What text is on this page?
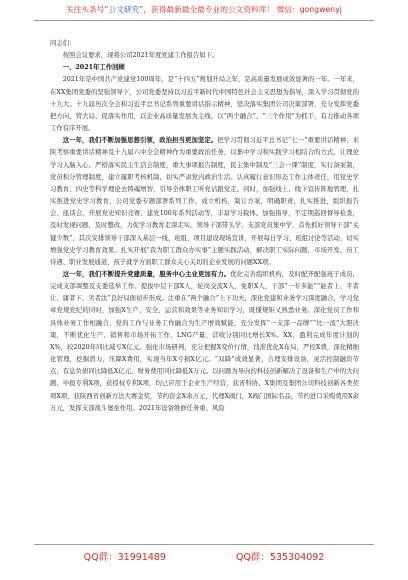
关注头条号“公文研究”，获得最新最全最专业的公文资料库！ 微信：gongwenyj

同志们：

按照会议要求，现将公司2021年度党建工作报告如下。

一、2021年工作回顾

2021年是中国共产党建党100周年，是“十四五”规划开局之年，是高质量发展成效显著的一年。一年来，在XX集团党委的坚强领导下，公司党委坚持以习近平新时代中国特色社会主义思想为指导，深入学习贯彻党的十九大、十九届历次全会和习近平总书记系列重要讲话指示精神，坚决落实集团公司决策部署，充分发挥党委把方向、管大局、促落实作用，以企业高质量发展为主线，以“两个融合”、“三个作用”为抓手，有力推动各项工作有序开展。

这一年，我们不断加强思想引领，政治担当更加坚定。把学习贯彻习近平总书记“七一”重要讲话精神、来陕考察重要讲话精神及十九届六中全会精神作为重要政治任务，以集中学习和实践学习相结合的方式，让理论学习入脑入心。严格落实民主生活会制度，重大事项报告制度，民主集中制及“三会一课”制度，实行备案制，党员积分管理制度，建立履职考核机制，切实严肃党内政治生活。认真履行意识形态工作主体责任，用党史学习教育、四史等科学理论去铸魂增智，引导全体职工听党话跟党走。同时，加强线上、线下宣传阵地管理，扎实推进党史学习教育，公司党委专题部署系列工作，成立机构，制订方案，明确职责，扎实推进，组织报告会、座谈会，开展党史知识竞赛、建党100年系列活动等，丰富学习载体。加强指导，不定期巡回督导检查，及时发现问题，及时整改，力促学习教育走深走实。领导干部带头学、支部党员集中学，首先抓好领导干部“关键少数”，其次安排领导干部深入基层一线、班组、项目建设现场宣讲，开展每日学习、班组讨论等活动，切实增强党史学习教育效果。扎实开展“我为职工群众办实事”主题实践活动，解决职工实际问题，市场开发、员工待遇、职业发展通道、孩子就学方面职工群众关心关切的企业发展的问题XX项。

这一年，我们不断提升党建质量，服务中心主业更加有力。优化完善组织机构，及时配齐配强班子成员，完成支部调整及支委选举工作。提拔中层干部X人，轮岗交流X人，免职X人，干部“一专多能”“能者上、平者让、庸者下、劣者汰”良好局面初步形成。注重在“两个融合”上下功夫，深化党建和业务学习深度融合，学习党章党规党纪的同时，加强X生产、安全、运营和效果等业务知识学习，既懂规矩又熟悉业务。深化党员工作和具体业务工作相融合，党的工作与业务工作融合为生产增效赋能，充分发挥“一支部一品牌”“比一流”大胆决策，不断优化生产、销售和市场开拓工作，LNG产量、营收分别同比增长X%。XX，盈利完成年度计划的X%，较2020年同比减亏X亿元。强化市场研判，充分把握X变价行情，找准优化X布局，严控X费，深化精细化管理，挖掘潜力，压降X费用，实现当年X亏损X亿元。“双降”成效显著，合理安排设备，灵活控制融资节点，有息负债同比降低X亿元，财务费用同比降低X万元。以问题为导向的科技创新解决了设备和生产中的大问题，申报专利X项，获授权专利X项，均已应用于企业生产经营，获省科协、X集团及集团公司科技创新各类奖项X项，获陕西省创新方法大赛金奖，节约资金X余万元，代理X阀门，X阀门国际名品，节约进口采购费用X余万元，发挥支部战斗堡垒作用。2021年设备维修任务重、风险

QQ群：31991489	QQ群：535304092
